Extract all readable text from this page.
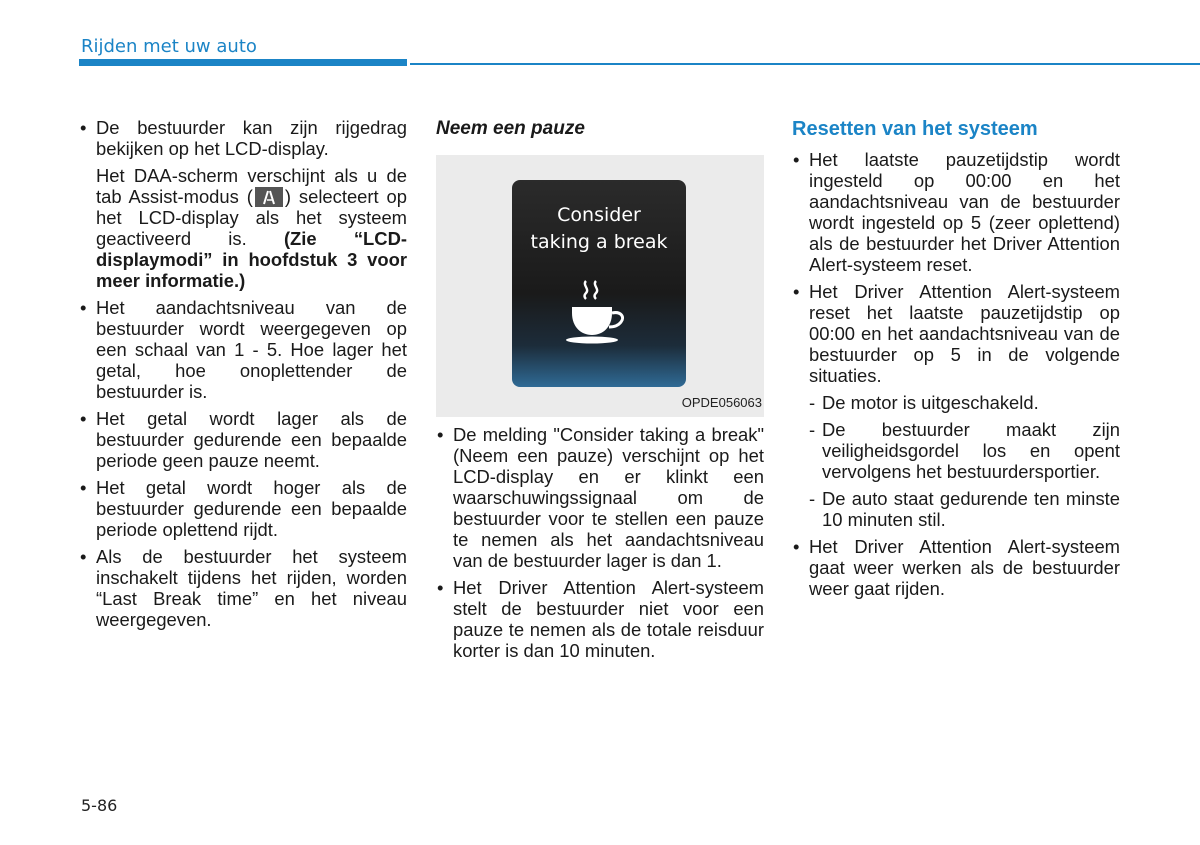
Rijden met uw auto

• De bestuurder kan zijn rijgedrag bekijken op het LCD-display.

Het DAA-scherm verschijnt als u de tab Assist-modus ( ) selecteert op het LCD-display als het systeem geactiveerd is. (Zie “LCD-displaymodi” in hoofdstuk 3 voor meer informatie.)

• Het aandachtsniveau van de bestuurder wordt weergegeven op een schaal van 1 - 5. Hoe lager het getal, hoe onoplettender de bestuurder is.

• Het getal wordt lager als de bestuurder gedurende een bepaalde periode geen pauze neemt.

• Het getal wordt hoger als de bestuurder gedurende een bepaalde periode oplettend rijdt.

• Als de bestuurder het systeem inschakelt tijdens het rijden, worden “Last Break time” en het niveau weergegeven.

Neem een pauze
Consider
taking a break
OPDE056063

• De melding "Consider taking a break" (Neem een pauze) verschijnt op het LCD-display en er klinkt een waarschuwingssignaal om de bestuurder voor te stellen een pauze te nemen als het aandachtsniveau van de bestuurder lager is dan 1.

• Het Driver Attention Alert-systeem stelt de bestuurder niet voor een pauze te nemen als de totale reisduur korter is dan 10 minuten.

Resetten van het systeem

• Het laatste pauzetijdstip wordt ingesteld op 00:00 en het aandachtsniveau van de bestuurder wordt ingesteld op 5 (zeer oplettend) als de bestuurder het Driver Attention Alert-systeem reset.

• Het Driver Attention Alert-systeem reset het laatste pauzetijdstip op 00:00 en het aandachtsniveau van de bestuurder op 5 in de volgende situaties.

- De motor is uitgeschakeld.

- De bestuurder maakt zijn veiligheidsgordel los en opent vervolgens het bestuurdersportier.

- De auto staat gedurende ten minste 10 minuten stil.

• Het Driver Attention Alert-systeem gaat weer werken als de bestuurder weer gaat rijden.

5-86
